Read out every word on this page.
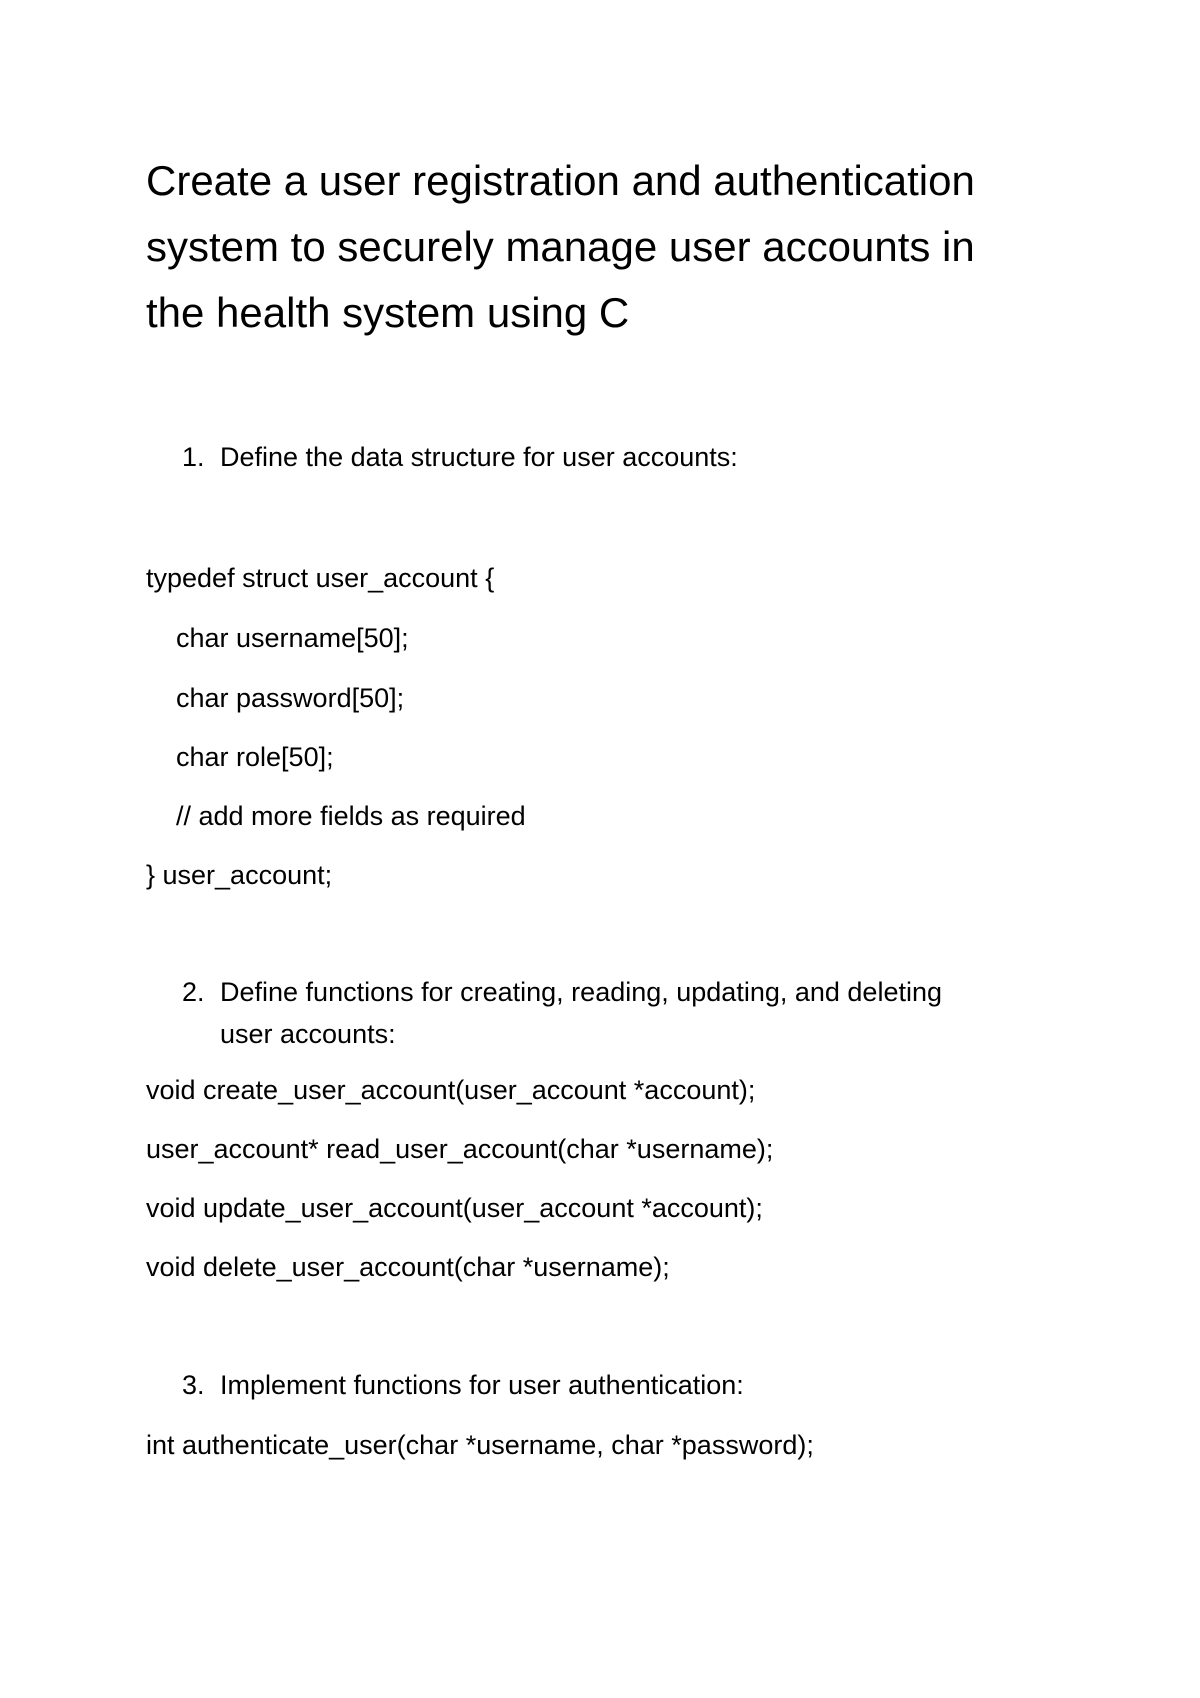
Create a user registration and authentication
system to securely manage user accounts in
the health system using C
1. Define the data structure for user accounts:
typedef struct user_account {
char username[50];
char password[50];
char role[50];
// add more fields as required
} user_account;
2. Define functions for creating, reading, updating, and deleting
user accounts:
void create_user_account(user_account *account);
user_account* read_user_account(char *username);
void update_user_account(user_account *account);
void delete_user_account(char *username);
3. Implement functions for user authentication:
int authenticate_user(char *username, char *password);
